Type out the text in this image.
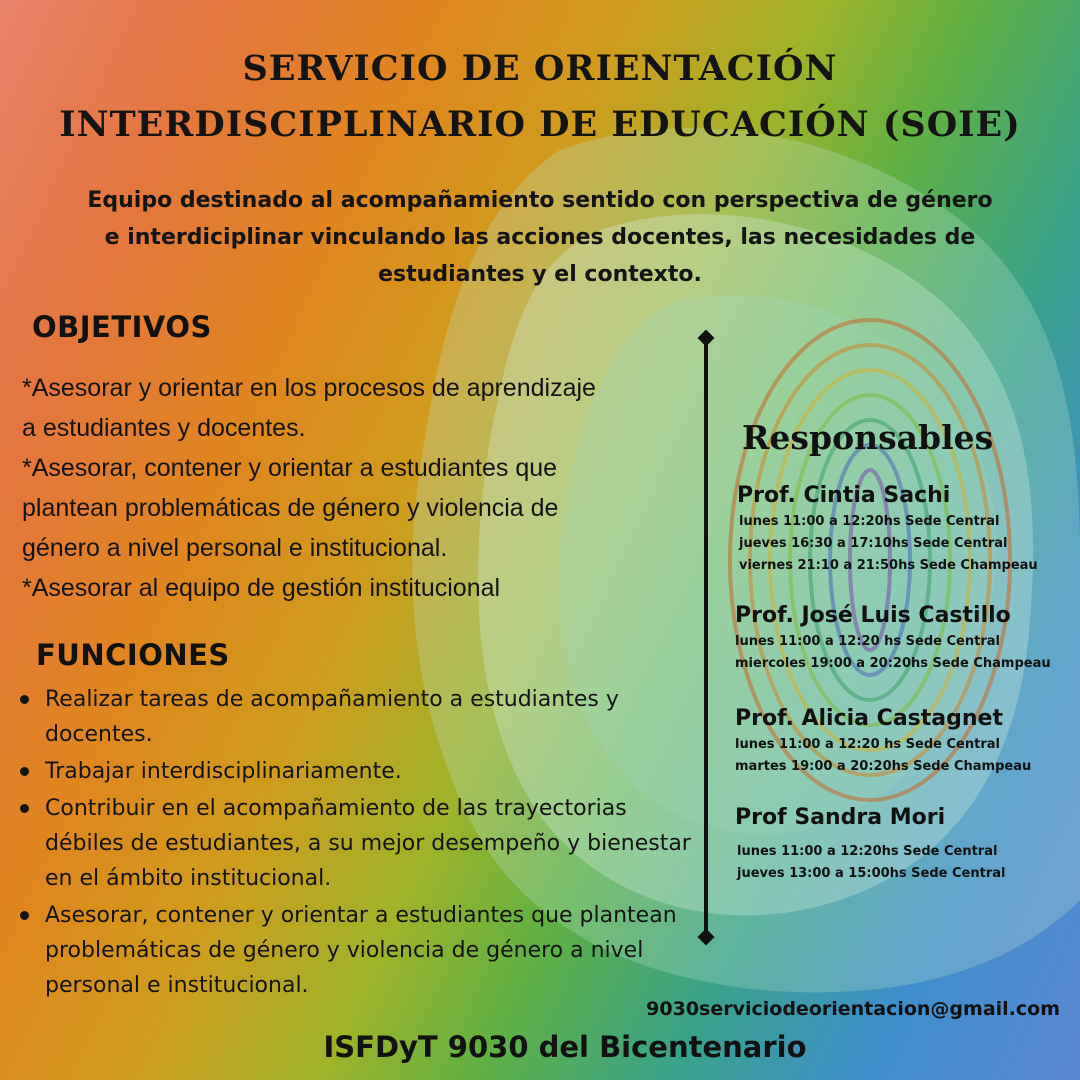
SERVICIO DE ORIENTACIÓN
INTERDISCIPLINARIO DE EDUCACIÓN (SOIE)
Equipo destinado al acompañamiento sentido con perspectiva de género
e interdiciplinar vinculando las acciones docentes, las necesidades de
estudiantes y el contexto.
OBJETIVOS
*Asesorar y orientar en los procesos de aprendizaje
a estudiantes y docentes.
*Asesorar, contener y orientar a estudiantes que
plantean problemáticas de género y violencia de
género a nivel personal e institucional.
*Asesorar al equipo de gestión institucional
FUNCIONES
Realizar tareas de acompañamiento a estudiantes y docentes.
Trabajar interdisciplinariamente.
Contribuir en el acompañamiento de las trayectorias débiles de estudiantes, a su mejor desempeño y bienestar en el ámbito institucional.
Asesorar, contener y orientar a estudiantes que plantean problemáticas de género y violencia de género a nivel personal e institucional.
Responsables
Prof. Cintia Sachi
lunes 11:00 a 12:20hs Sede Central
jueves 16:30 a 17:10hs Sede Central
viernes 21:10 a 21:50hs Sede Champeau
Prof. José Luis Castillo
lunes 11:00 a 12:20 hs Sede Central
miercoles 19:00 a 20:20hs Sede Champeau
Prof. Alicia Castagnet
lunes 11:00 a 12:20 hs Sede Central
martes 19:00 a 20:20hs Sede Champeau
Prof Sandra Mori
lunes 11:00 a 12:20hs Sede Central
jueves 13:00 a 15:00hs Sede Central
9030serviciodeorientacion@gmail.com
ISFDyT 9030 del Bicentenario
